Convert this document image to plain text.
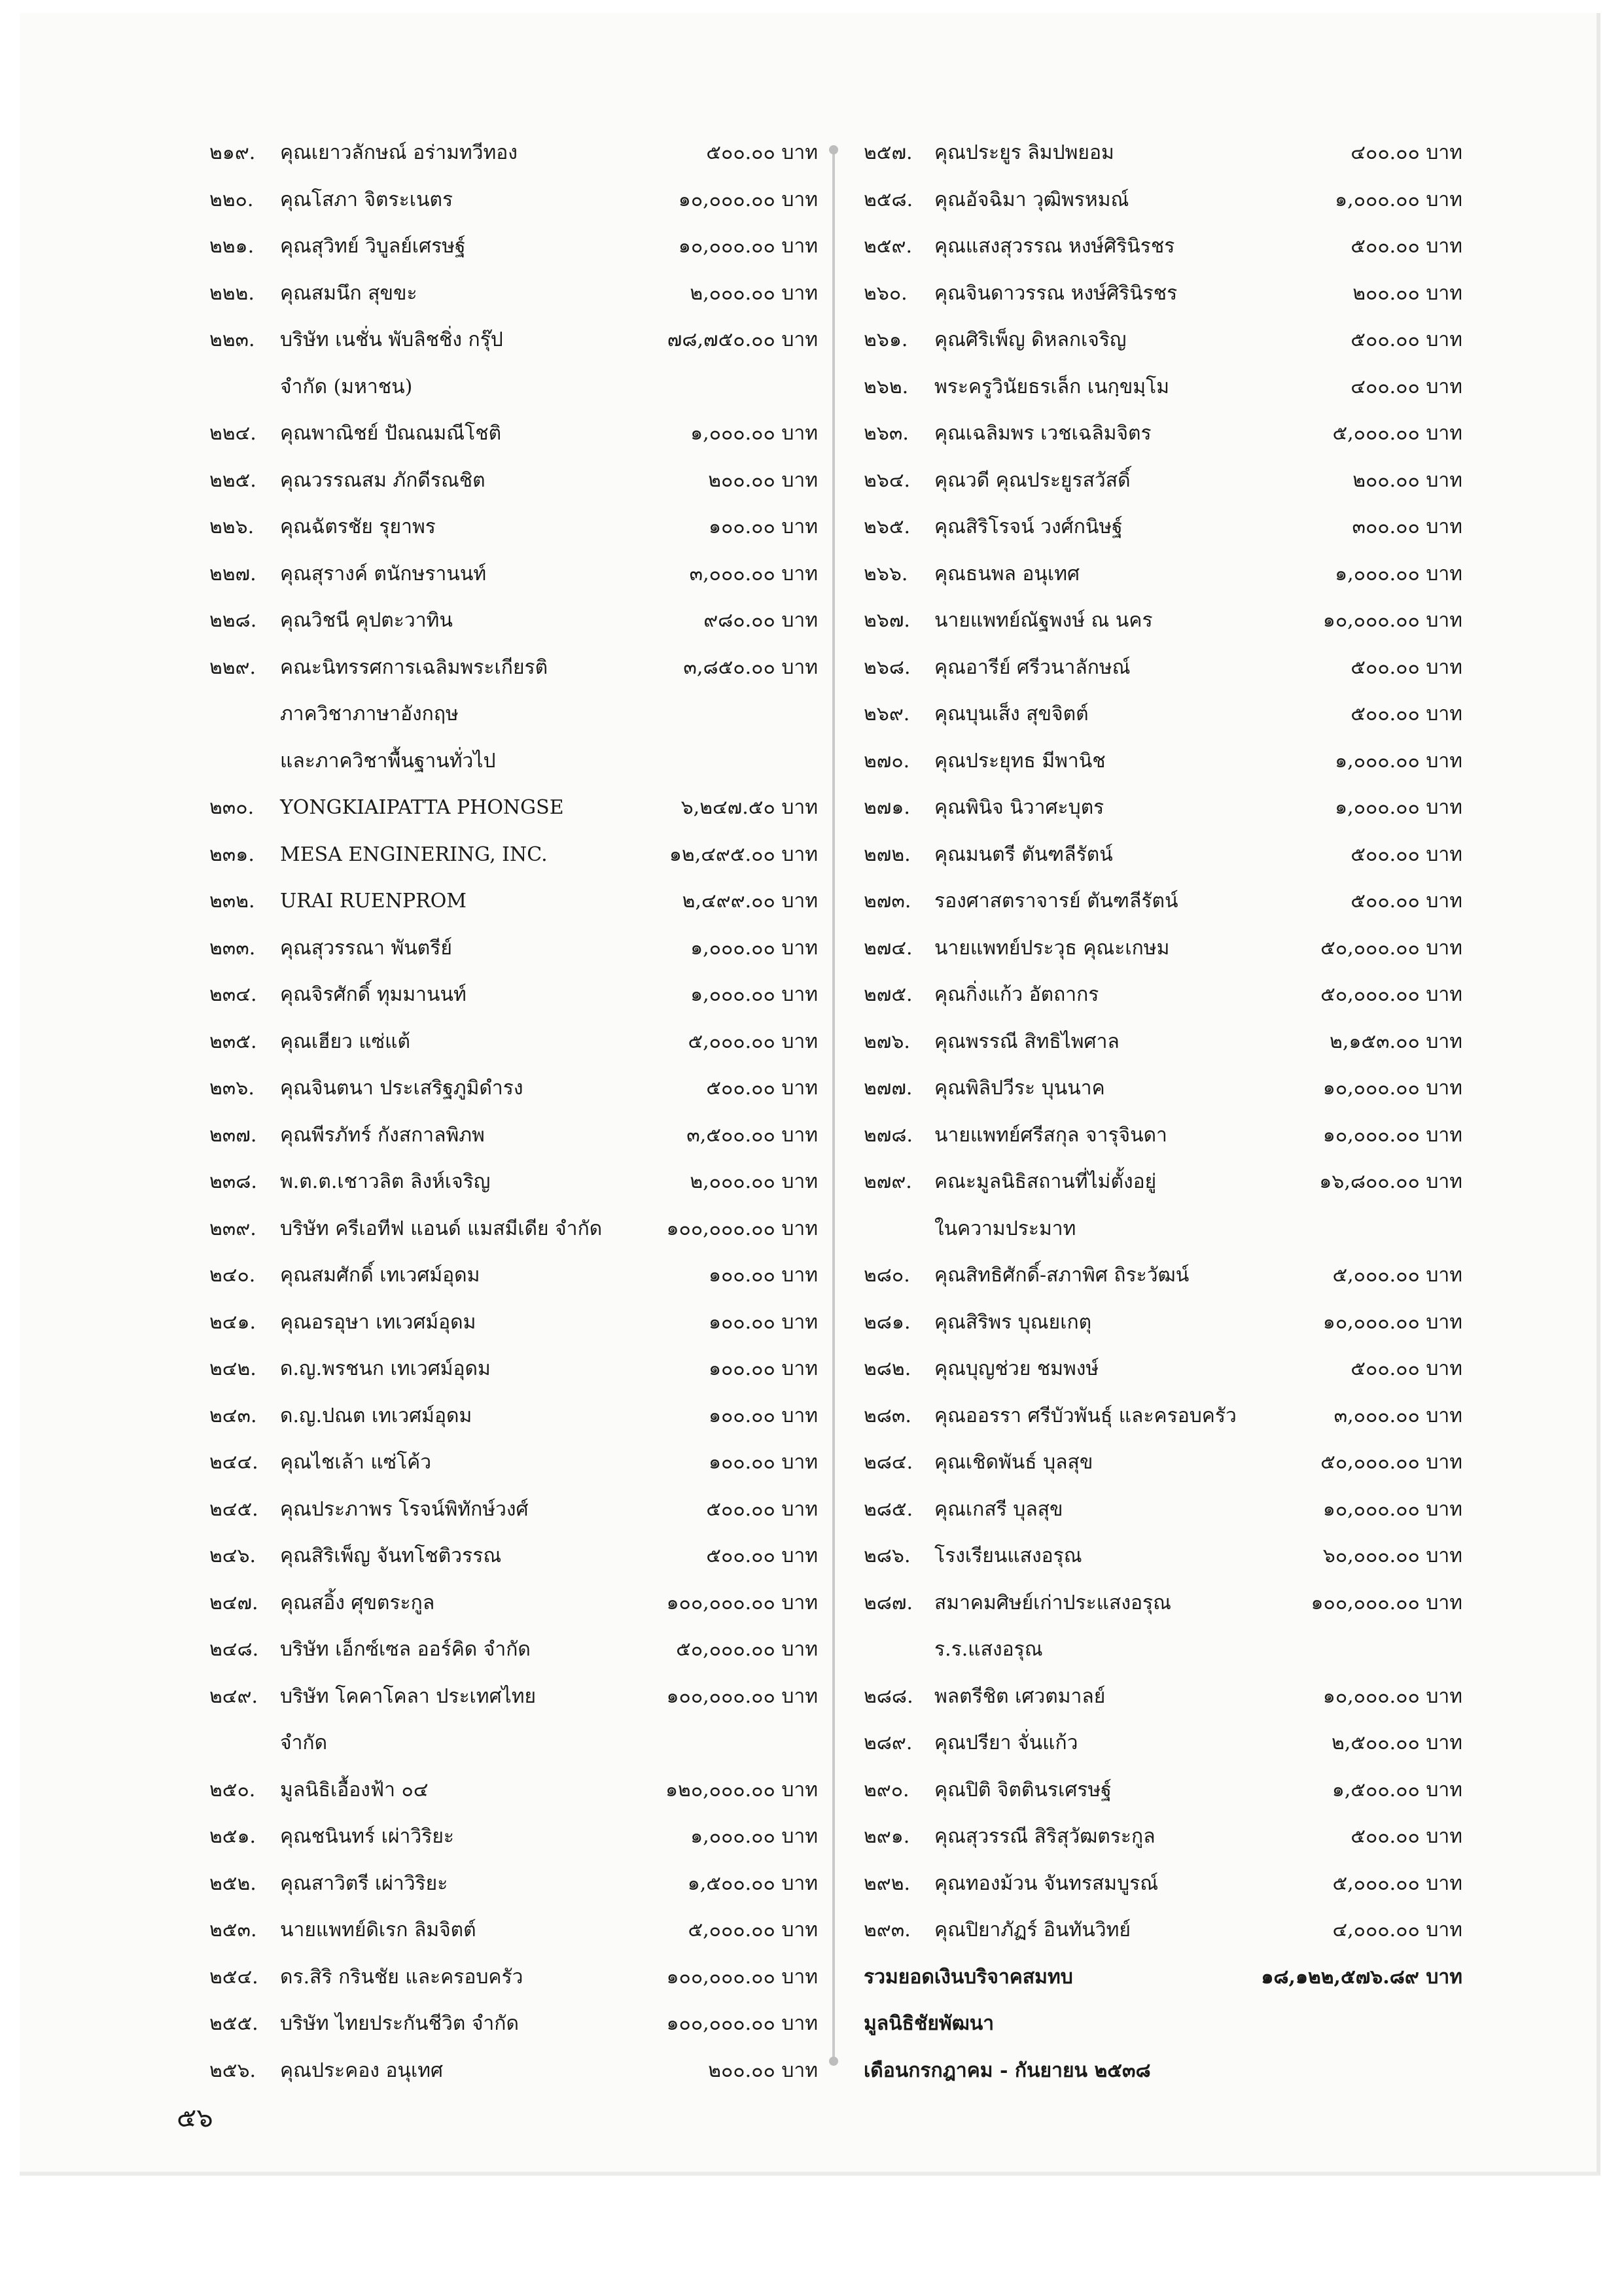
๒๑๙. คุณเยาวลักษณ์ อร่ามทวีทอง	๕๐๐.๐๐ บาท
๒๒๐. คุณโสภา จิตระเนตร	๑๐,๐๐๐.๐๐ บาท
๒๒๑. คุณสุวิทย์ วิบูลย์เศรษฐ์	๑๐,๐๐๐.๐๐ บาท
๒๒๒. คุณสมนึก สุขขะ	๒,๐๐๐.๐๐ บาท
๒๒๓. บริษัท เนชั่น พับลิชชิ่ง กรุ๊ป	๗๘,๗๕๐.๐๐ บาท
จำกัด (มหาชน)
๒๒๔. คุณพาณิชย์ ปัณณมณีโชติ	๑,๐๐๐.๐๐ บาท
๒๒๕. คุณวรรณสม ภักดีรณชิต	๒๐๐.๐๐ บาท
๒๒๖. คุณฉัตรชัย รุยาพร	๑๐๐.๐๐ บาท
๒๒๗. คุณสุรางค์ ตนักษรานนท์	๓,๐๐๐.๐๐ บาท
๒๒๘. คุณวิชนี คุปตะวาทิน	๙๘๐.๐๐ บาท
๒๒๙. คณะนิทรรศการเฉลิมพระเกียรติ	๓,๘๕๐.๐๐ บาท
ภาควิชาภาษาอังกฤษ
และภาควิชาพื้นฐานทั่วไป
๒๓๐. YONGKIAIPATTA PHONGSE	๖,๒๔๗.๕๐ บาท
๒๓๑. MESA ENGINERING, INC.	๑๒,๔๙๕.๐๐ บาท
๒๓๒. URAI RUENPROM	๒,๔๙๙.๐๐ บาท
๒๓๓. คุณสุวรรณา พันตรีย์	๑,๐๐๐.๐๐ บาท
๒๓๔. คุณจิรศักดิ์ ทุมมานนท์	๑,๐๐๐.๐๐ บาท
๒๓๕. คุณเฮียว แซ่แต้	๕,๐๐๐.๐๐ บาท
๒๓๖. คุณจินตนา ประเสริฐภูมิดำรง	๕๐๐.๐๐ บาท
๒๓๗. คุณพีรภัทร์ กังสกาลพิภพ	๓,๕๐๐.๐๐ บาท
๒๓๘. พ.ต.ต.เชาวลิต ลิงห์เจริญ	๒,๐๐๐.๐๐ บาท
๒๓๙. บริษัท ครีเอทีฟ แอนด์ แมสมีเดีย จำกัด	๑๐๐,๐๐๐.๐๐ บาท
๒๔๐. คุณสมศักดิ์ เทเวศม์อุดม	๑๐๐.๐๐ บาท
๒๔๑. คุณอรอุษา เทเวศม์อุดม	๑๐๐.๐๐ บาท
๒๔๒. ด.ญ.พรชนก เทเวศม์อุดม	๑๐๐.๐๐ บาท
๒๔๓. ด.ญ.ปณต เทเวศม์อุดม	๑๐๐.๐๐ บาท
๒๔๔. คุณไชเล้า แซ่โค้ว	๑๐๐.๐๐ บาท
๒๔๕. คุณประภาพร โรจน์พิทักษ์วงศ์	๕๐๐.๐๐ บาท
๒๔๖. คุณสิริเพ็ญ จันทโชติวรรณ	๕๐๐.๐๐ บาท
๒๔๗. คุณสอิ้ง ศุขตระกูล	๑๐๐,๐๐๐.๐๐ บาท
๒๔๘. บริษัท เอ็กซ์เซล ออร์คิด จำกัด	๕๐,๐๐๐.๐๐ บาท
๒๔๙. บริษัท โคคาโคลา ประเทศไทย	๑๐๐,๐๐๐.๐๐ บาท
จำกัด
๒๕๐. มูลนิธิเอื้องฟ้า ๐๔	๑๒๐,๐๐๐.๐๐ บาท
๒๕๑. คุณชนินทร์ เผ่าวิริยะ	๑,๐๐๐.๐๐ บาท
๒๕๒. คุณสาวิตรี เผ่าวิริยะ	๑,๕๐๐.๐๐ บาท
๒๕๓. นายแพทย์ดิเรก ลิมจิตต์	๕,๐๐๐.๐๐ บาท
๒๕๔. ดร.สิริ กรินชัย และครอบครัว	๑๐๐,๐๐๐.๐๐ บาท
๒๕๕. บริษัท ไทยประกันชีวิต จำกัด	๑๐๐,๐๐๐.๐๐ บาท
๒๕๖. คุณประคอง อนุเทศ	๒๐๐.๐๐ บาท
๒๕๗. คุณประยูร ลิมปพยอม	๔๐๐.๐๐ บาท
๒๕๘. คุณอัจฉิมา วุฒิพรหมณ์	๑,๐๐๐.๐๐ บาท
๒๕๙. คุณแสงสุวรรณ หงษ์ศิรินิรชร	๕๐๐.๐๐ บาท
๒๖๐. คุณจินดาวรรณ หงษ์ศิรินิรชร	๒๐๐.๐๐ บาท
๒๖๑. คุณศิริเพ็ญ ดิหลกเจริญ	๕๐๐.๐๐ บาท
๒๖๒. พระครูวินัยธรเล็ก เนกฺขมฺโม	๔๐๐.๐๐ บาท
๒๖๓. คุณเฉลิมพร เวชเฉลิมจิตร	๕,๐๐๐.๐๐ บาท
๒๖๔. คุณวดี คุณประยูรสวัสดิ์	๒๐๐.๐๐ บาท
๒๖๕. คุณสิริโรจน์ วงศ์กนิษฐ์	๓๐๐.๐๐ บาท
๒๖๖. คุณธนพล อนุเทศ	๑,๐๐๐.๐๐ บาท
๒๖๗. นายแพทย์ณัฐพงษ์ ณ นคร	๑๐,๐๐๐.๐๐ บาท
๒๖๘. คุณอารีย์ ศรีวนาลักษณ์	๕๐๐.๐๐ บาท
๒๖๙. คุณบุนเส็ง สุขจิตต์	๕๐๐.๐๐ บาท
๒๗๐. คุณประยุทธ มีพานิช	๑,๐๐๐.๐๐ บาท
๒๗๑. คุณพินิจ นิวาศะบุตร	๑,๐๐๐.๐๐ บาท
๒๗๒. คุณมนตรี ตันฑลีรัตน์	๕๐๐.๐๐ บาท
๒๗๓. รองศาสตราจารย์ ตันฑลีรัตน์	๕๐๐.๐๐ บาท
๒๗๔. นายแพทย์ประวุธ คุณะเกษม	๕๐,๐๐๐.๐๐ บาท
๒๗๕. คุณกิ่งแก้ว อัตถากร	๕๐,๐๐๐.๐๐ บาท
๒๗๖. คุณพรรณี สิทธิไพศาล	๒,๑๕๓.๐๐ บาท
๒๗๗. คุณพิลิปวีระ บุนนาค	๑๐,๐๐๐.๐๐ บาท
๒๗๘. นายแพทย์ศรีสกุล จารุจินดา	๑๐,๐๐๐.๐๐ บาท
๒๗๙. คณะมูลนิธิสถานที่ไม่ตั้งอยู่	๑๖,๘๐๐.๐๐ บาท
ในความประมาท
๒๘๐. คุณสิทธิศักดิ์-สภาพิศ ถิระวัฒน์	๕,๐๐๐.๐๐ บาท
๒๘๑. คุณสิริพร บุณยเกตุ	๑๐,๐๐๐.๐๐ บาท
๒๘๒. คุณบุญช่วย ชมพงษ์	๕๐๐.๐๐ บาท
๒๘๓. คุณออรรา ศรีบัวพันธุ์ และครอบครัว	๓,๐๐๐.๐๐ บาท
๒๘๔. คุณเชิดพันธ์ บุลสุข	๕๐,๐๐๐.๐๐ บาท
๒๘๕. คุณเกสรี บุลสุข	๑๐,๐๐๐.๐๐ บาท
๒๘๖. โรงเรียนแสงอรุณ	๖๐,๐๐๐.๐๐ บาท
๒๘๗. สมาคมศิษย์เก่าประแสงอรุณ	๑๐๐,๐๐๐.๐๐ บาท
ร.ร.แสงอรุณ
๒๘๘. พลตรีชิต เศวตมาลย์	๑๐,๐๐๐.๐๐ บาท
๒๘๙. คุณปรียา จั่นแก้ว	๒,๕๐๐.๐๐ บาท
๒๙๐. คุณปิติ จิตตินรเศรษฐ์	๑,๕๐๐.๐๐ บาท
๒๙๑. คุณสุวรรณี สิริสุวัฒตระกูล	๕๐๐.๐๐ บาท
๒๙๒. คุณทองม้วน จันทรสมบูรณ์	๕,๐๐๐.๐๐ บาท
๒๙๓. คุณปิยาภัฏร์ อินทันวิทย์	๔,๐๐๐.๐๐ บาท
รวมยอดเงินบริจาคสมทบ	๑๘,๑๒๒,๕๗๖.๘๙ บาท
มูลนิธิชัยพัฒนา
เดือนกรกฎาคม - กันยายน ๒๕๓๘
๕๖
